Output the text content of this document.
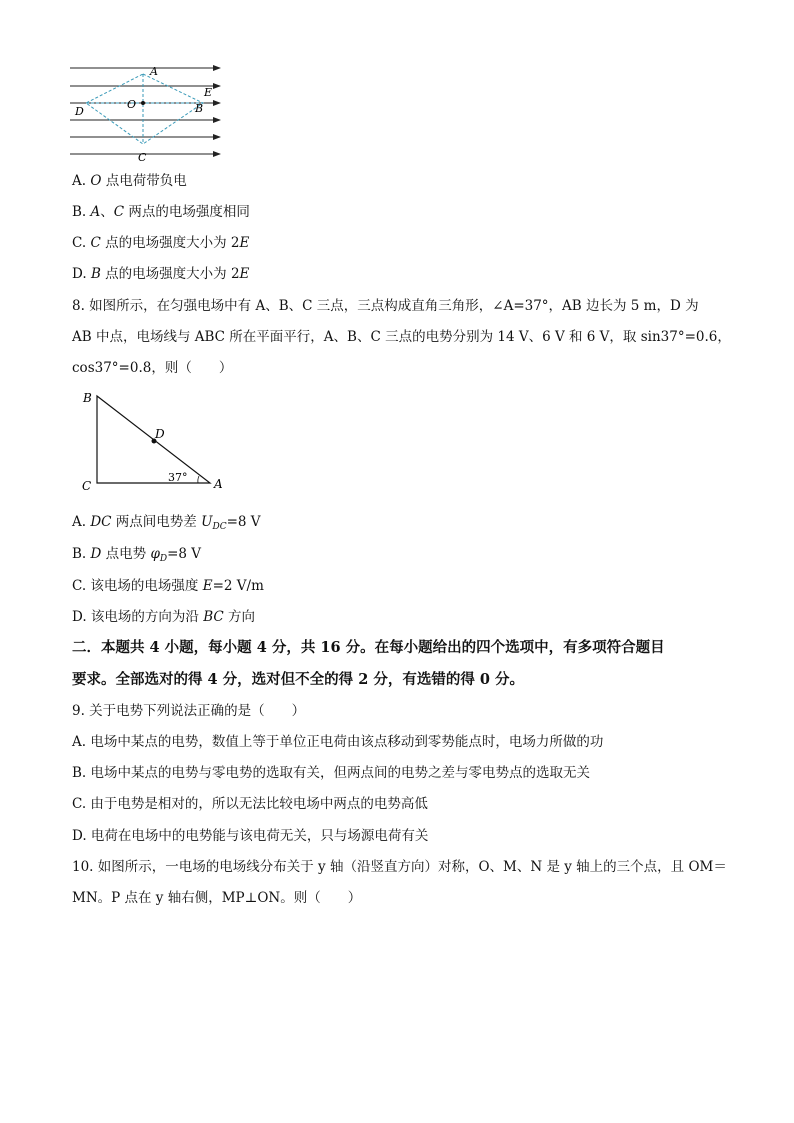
A
E
O	B
D
C
A. O 点电荷带负电
B. A、C 两点的电场强度相同
C. C 点的电场强度大小为 2E
D. B 点的电场强度大小为 2E
8. 如图所示，在匀强电场中有 A、B、C 三点，三点构成直角三角形，∠A=37°，AB 边长为 5 m，D 为
AB 中点，电场线与 ABC 所在平面平行，A、B、C 三点的电势分别为 14 V、6 V 和 6 V，取 sin37°=0.6，
cos37°=0.8，则（　　）
B
D
37°
C	A
A. DC 两点间电势差 $U_{DC}=8$ V
B. D 点电势 $\varphi_D=8$ V
C. 该电场的电场强度 E=2 V/m
D. 该电场的方向为沿 BC 方向
二．本题共 4 小题，每小题 4 分，共 16 分。在每小题给出的四个选项中，有多项符合题目
要求。全部选对的得 4 分，选对但不全的得 2 分，有选错的得 0 分。
9. 关于电势下列说法正确的是（　　）
A. 电场中某点的电势，数值上等于单位正电荷由该点移动到零势能点时，电场力所做的功
B. 电场中某点的电势与零电势的选取有关，但两点间的电势之差与零电势点的选取无关
C. 由于电势是相对的，所以无法比较电场中两点的电势高低
D. 电荷在电场中的电势能与该电荷无关，只与场源电荷有关
10. 如图所示，一电场的电场线分布关于 y 轴（沿竖直方向）对称，O、M、N 是 y 轴上的三个点，且 OM＝
MN。P 点在 y 轴右侧，MP⊥ON。则（　　）
